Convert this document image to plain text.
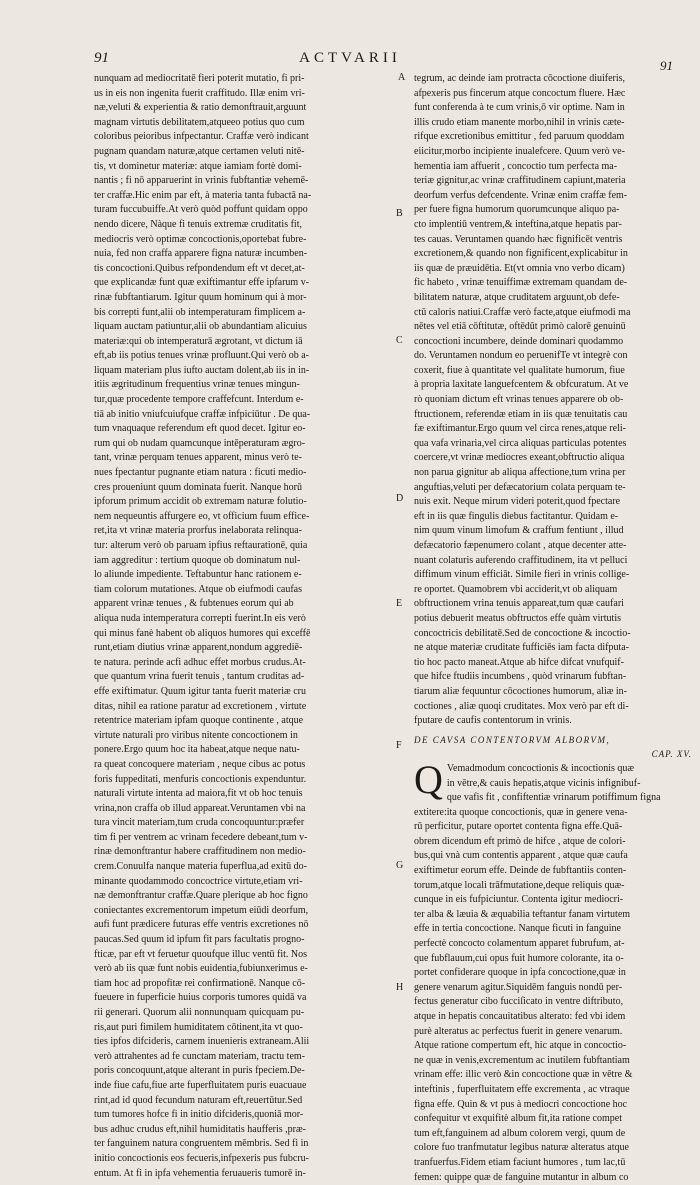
91	ACTVARII	91
A
B
C
D
E
F
G
H
nunquam ad mediocritatē fieri poterit mutatio, fi pri-
us in eis non ingenita fuerit craffitudo. Illæ enim vri-
næ,veluti & experientia & ratio demonftrauit,arguunt
magnam virtutis debilitatem,atqueeo potius quo cum
coloribus peioribus infpectantur. Craffæ verò indicant
pugnam quandam naturæ,atque certamen veluti nitē-
tis, vt dominetur materiæ: atque iamiam fortè domi-
nantis ; fi nō apparuerint in vrinis fubftantiæ vehemē-
ter craffæ.Hic enim par eft, à materia tanta fubactā na-
turam fuccubuiffe.At verò quòd poffunt quidam oppo
nendo dicere, Nàque fi tenuis extremæ cruditatis fit,
mediocris verò optimæ concoctionis,oportebat fubre-
nuia, fed non craffa apparere figna naturæ incumben-
tis concoctioni.Quibus refpondendum eft vt decet,at-
que explicandæ funt quæ exiftimantur effe ipfarum v-
rinæ fubftantiarum. Igitur quum hominum qui à mor-
bis correpti funt,alii ob intemperaturam fimplicem a-
liquam auctam patiuntur,alii ob abundantiam alicuius
materiæ:qui ob intemperaturā ægrotant, vt dictum iā
eft,ab iis potius tenues vrinæ profluunt.Qui verò ob a-
liquam materiam plus iufto auctam dolent,ab iis in in-
itiis ægritudinum frequentius vrinæ tenues mingun-
tur,quæ procedente tempore craffefcunt. Interdum e-
tiā ab initio vniufcuiufque craffæ infpiciūtur . De qua-
tum vnaquaque referendum eft quod decet. Igitur eo-
rum qui ob nudam quamcunque intēperaturam ægro-
tant, vrinæ perquam tenues apparent, minus verò te-
nues fpectantur pugnante etiam natura : ficuti medio-
cres proueniunt quum dominata fuerit. Nanque horū
ipforum primum accidit ob extremam naturæ folutio-
nem nequeuntis affurgere eo, vt officium fuum effice-
ret,ita vt vrinæ materia prorfus inelaborata relinqua-
tur: alterum verò ob paruam ipfius reftaurationē, quia
iam aggreditur : tertium quoque ob dominatum nul-
lo aliunde impediente. Teftabuntur hanc rationem e-
tiam colorum mutationes. Atque ob eiufmodi caufas
apparent vrinæ tenues , & fubtenues eorum qui ab
aliqua nuda intemperatura correpti fuerint.In eis verò
qui minus fanè habent ob aliquos humores qui exceffē
runt,etiam diutius vrinæ apparent,nondum aggrediē-
te natura. perinde acfi adhuc effet morbus crudus.At-
que quantum vrina fuerit tenuis , tantum cruditas ad-
effe exiftimatur. Quum igitur tanta fuerit materiæ cru
ditas, nihil ea ratione paratur ad excretionem , virtute
retentrice materiam ipfam quoque continente , atque
virtute naturali pro viribus nitente concoctionem in
ponere.Ergo quum hoc ita habeat,atque neque natu-
ra queat concoquere materiam , neque cibus ac potus
foris fuppeditati, menfuris concoctionis expenduntur.
naturali virtute intenta ad maiora,fit vt ob hoc tenuis
vrina,non craffa ob illud appareat.Veruntamen vbi na
tura vincit materiam,tum cruda concoquuntur:præfer
tim fi per ventrem ac vrinam fecedere debeant,tum v-
rinæ demonftrantur habere craffitudinem non medio-
crem.Conuulfa nanque materia fuperflua,ad exitū do-
minante quodammodo concoctrice virtute,etiam vri-
næ demonftrantur craffæ.Quare plerique ab hoc figno
coniectantes excrementorum impetum eiūdi deorfum,
aufi funt prædicere futuras effe ventris excretiones nō
paucas.Sed quum id ipfum fit pars facultatis progno-
fticæ, par eft vt feruetur quoufque illuc ventū fit. Nos
verò ab iis quæ funt nobis euidentia,fubiunxerimus e-
tiam hoc ad propofitæ rei confirmationē. Nanque cō-
fueuere in fuperficie huius corporis tumores quidā va
rii generari. Quorum alii nonnunquam quicquam pu-
ris,aut puri fimilem humiditatem cōtinent,ita vt quo-
ties ipfos difcideris, carnem inuenieris extraneam.Alii
verò attrahentes ad fe cunctam materiam, tractu tem-
poris concoquunt,atque alterant in puris fpeciem.De-
inde fiue cafu,fiue arte fuperfluitatem puris euacuaue
rint,ad id quod fecundum naturam eft,reuertūtur.Sed
tum tumores hofce fi in initio difcideris,quoniā mor-
bus adhuc crudus eft,nihil humiditatis haufferis ,præ-
ter fanguinem natura congruentem mēmbris. Sed fi in
initio concoctionis eos fecueris,infpexeris pus fubcru-
entum. At fi in ipfa vehementia feruaueris tumorē in-
tegrum, ac deinde iam protracta cōcoctione diuiferis,
afpexeris pus fincerum atque concoctum fluere. Hæc
funt conferenda à te cum vrinis,ō vir optime. Nam in
illis crudo etiam manente morbo,nihil in vrinis cæte-
rifque excretionibus emittitur , fed paruum quoddam
eiicitur,morbo incipiente inualefcere. Quum verò ve-
hementia iam affuerit , concoctio tum perfecta ma-
teriæ gignitur,ac vrinæ craffitudinem capiunt,materia
deorfum verfus defcendente. Vrinæ enim craffæ fem-
per fuere figna humorum quorumcunque aliquo pa-
cto implentiū ventrem,& inteftina,atque hepatis par-
tes cauas. Veruntamen quando hæc fignificēt ventris
excretionem,& quando non fignificent,explicabitur in
iis quæ de præuidētia. Et(vt omnia vno verbo dicam)
fic habeto , vrinæ tenuiffimæ extremam quandam de-
bilitatem naturæ, atque cruditatem arguunt,ob defe-
ctū caloris natiui.Craffæ verò facte,atque eiufmodi ma
nētes vel etiā cōftitutæ, oftēdūt primò calorē genuinū
concoctioni incumbere, deinde dominari quodammo
do. Veruntamen nondum eo peruenifTe vt integrè con
coxerit, fiue à quantitate vel qualitate humorum, fiue
à propria laxitate languefcentem & obfcuratum. At ve
rò quoniam dictum eft vrinas tenues apparere ob ob-
ftructionem, referendæ etiam in iis quæ tenuitatis cau
fæ exiftimantur.Ergo quum vel circa renes,atque reli-
qua vafa vrinaria,vel circa aliquas particulas potentes
coercere,vt vrinæ mediocres exeant,obftructio aliqua
non parua gignitur ab aliqua affectione,tum vrina per
anguftias,veluti per defæcatorium colata perquam te-
nuis exit. Neque mirum videri poterit,quod fpectare
eft in iis quæ fingulis diebus factitantur. Quidam e-
nim quum vinum limofum & craffum fentiunt , illud
defæcatorio fæpenumero colant , atque decenter atte-
nuant colaturis auferendo craffitudinem, ita vt pelluci
diffimum vinum efficiāt. Simile fieri in vrinis collige-
re oportet. Quamobrem vbi acciderit,vt ob aliquam
obftructionem vrina tenuis appareat,tum quæ caufari
potius debuerit meatus obftructos effe quàm virtutis
concoctricis debilitatē.Sed de concoctione & incoctio-
ne atque materiæ cruditate fufficiēs iam facta difputa-
tio hoc pacto maneat.Atque ab hifce difcat vnufquif-
que hifce ftudiis incumbens , quòd vrinarum fubftan-
tiarum aliæ fequuntur cōcoctiones humorum, aliæ in-
coctiones , aliæ quoqi cruditates. Mox verò par eft di-
fputare de caufis contentorum in vrinis.
DE CAVSA CONTENTORVM ALBORVM,
CAP. XV.
Q Vemadmodum concoctionis & incoctionis quæ
in vētre,& cauis hepatis,atque vicinis infignibuf-
que vafis fit , confiftentiæ vrinarum potiffimum figna
extitere:ita quoque concoctionis, quæ in genere vena-
rū perficitur, putare oportet contenta figna effe.Quā-
obrem dicendum eft primò de hifce , atque de colori-
bus,qui vnà cum contentis apparent , atque quæ caufa
exiftimetur eorum effe. Deinde de fubftantiis conten-
torum,atque locali trāfmutatione,deque reliquis quæ-
cunque in eis fufpiciuntur. Contenta igitur mediocri-
ter alba & læuia & æquabilia teftantur fanam virtutem
effe in tertia concoctione. Nanque ficuti in fanguine
perfectè concocto colamentum apparet fubrufum, at-
que fubflauum,cui opus fuit humore colorante, ita o-
portet confiderare quoque in ipfa concoctione,quæ in
genere venarum agitur.Siquidēm fanguis nondū per-
fectus generatur cibo fucciſicato in ventre diftributo,
atque in hepatis concauitatibus alterato: fed vbi idem
purè alteratus ac perfectus fuerit in genere venarum.
Atque ratione compertum eft, hic atque in concoctio-
ne quæ in venis,excrementum ac inutilem fubftantiam
vrinam effe: illic verò &in concoctione quæ in vētre &
inteftinis , fuperfluitatem effe excrementa , ac vtraque
figna effe. Quin & vt pus à mediocri concoctione hoc
confequitur vt exquifitè album fit,ita ratione compet
tum eft,fanguinem ad album colorem vergi, quum de
colore fuo tranfmutatur legibus naturæ alteratus atque
tranfuerfus.Fidem etiam faciunt humores , tum lac,tū
femen: quippe quæ de fanguine mutantur in album co
